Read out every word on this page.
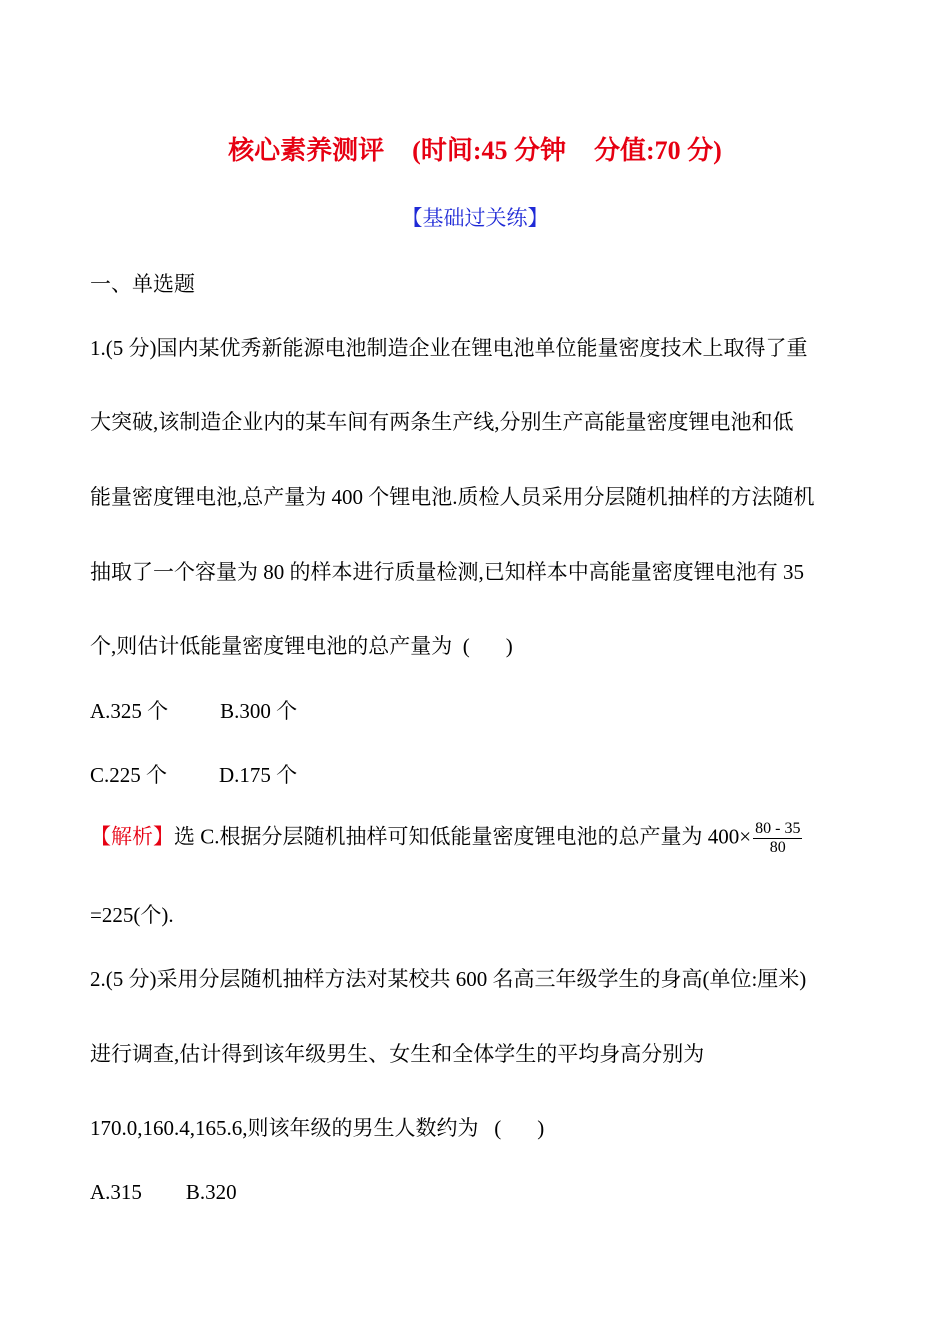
核心素养测评 (时间:45 分钟 分值:70 分)
【基础过关练】
一、单选题
1.(5 分)国内某优秀新能源电池制造企业在锂电池单位能量密度技术上取得了重
大突破,该制造企业内的某车间有两条生产线,分别生产高能量密度锂电池和低
能量密度锂电池,总产量为 400 个锂电池.质检人员采用分层随机抽样的方法随机
抽取了一个容量为 80 的样本进行质量检测,已知样本中高能量密度锂电池有 35
个,则估计低能量密度锂电池的总产量为 ( )
A.325 个 B.300 个
C.225 个 D.175 个
【解析】选 C.根据分层随机抽样可知低能量密度锂电池的总产量为 $400\times \frac{80 - 35}{80}$
=225(个).
2.(5 分)采用分层随机抽样方法对某校共 600 名高三年级学生的身高(单位:厘米)
进行调查,估计得到该年级男生、女生和全体学生的平均身高分别为
170.0,160.4,165.6,则该年级的男生人数约为 ( )
A.315 B.320
